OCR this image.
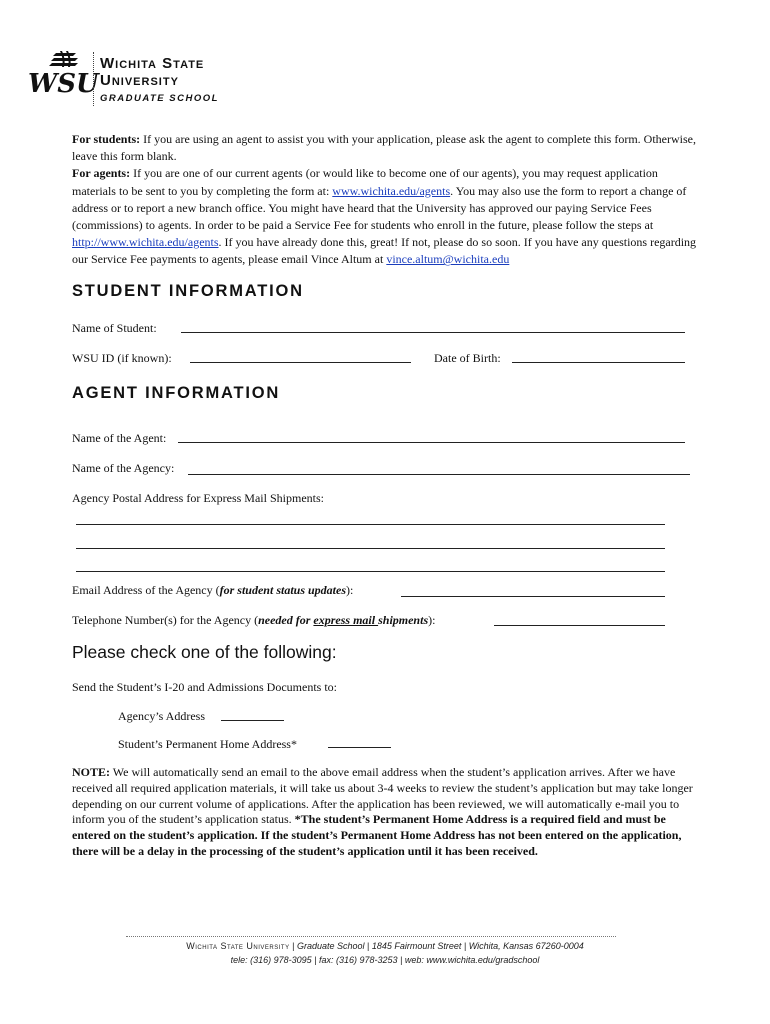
WSU
Wichita State
University
GRADUATE SCHOOL
For students: If you are using an agent to assist you with your application, please ask the agent to complete this form. Otherwise, leave this form blank.
For agents: If you are one of our current agents (or would like to become one of our agents), you may request application materials to be sent to you by completing the form at: www.wichita.edu/agents. You may also use the form to report a change of address or to report a new branch office. You might have heard that the University has approved our paying Service Fees (commissions) to agents. In order to be paid a Service Fee for students who enroll in the future, please follow the steps at http://www.wichita.edu/agents. If you have already done this, great! If not, please do so soon. If you have any questions regarding our Service Fee payments to agents, please email Vince Altum at vince.altum@wichita.edu
STUDENT INFORMATION
Name of Student:
WSU ID (if known):	Date of Birth:
AGENT INFORMATION
Name of the Agent:
Name of the Agency:
Agency Postal Address for Express Mail Shipments:
Email Address of the Agency (for student status updates):
Telephone Number(s) for the Agency (needed for express mail shipments):
Please check one of the following:
Send the Student’s I-20 and Admissions Documents to:
Agency’s Address
Student’s Permanent Home Address*
NOTE: We will automatically send an email to the above email address when the student’s application arrives. After we have received all required application materials, it will take us about 3-4 weeks to review the student’s application but may take longer depending on our current volume of applications. After the application has been reviewed, we will automatically e-mail you to inform you of the student’s application status. *The student’s Permanent Home Address is a required field and must be entered on the student’s application. If the student’s Permanent Home Address has not been entered on the application, there will be a delay in the processing of the student’s application until it has been received.
Wichita State University | Graduate School | 1845 Fairmount Street | Wichita, Kansas 67260-0004
tele: (316) 978-3095 | fax: (316) 978-3253 | web: www.wichita.edu/gradschool
